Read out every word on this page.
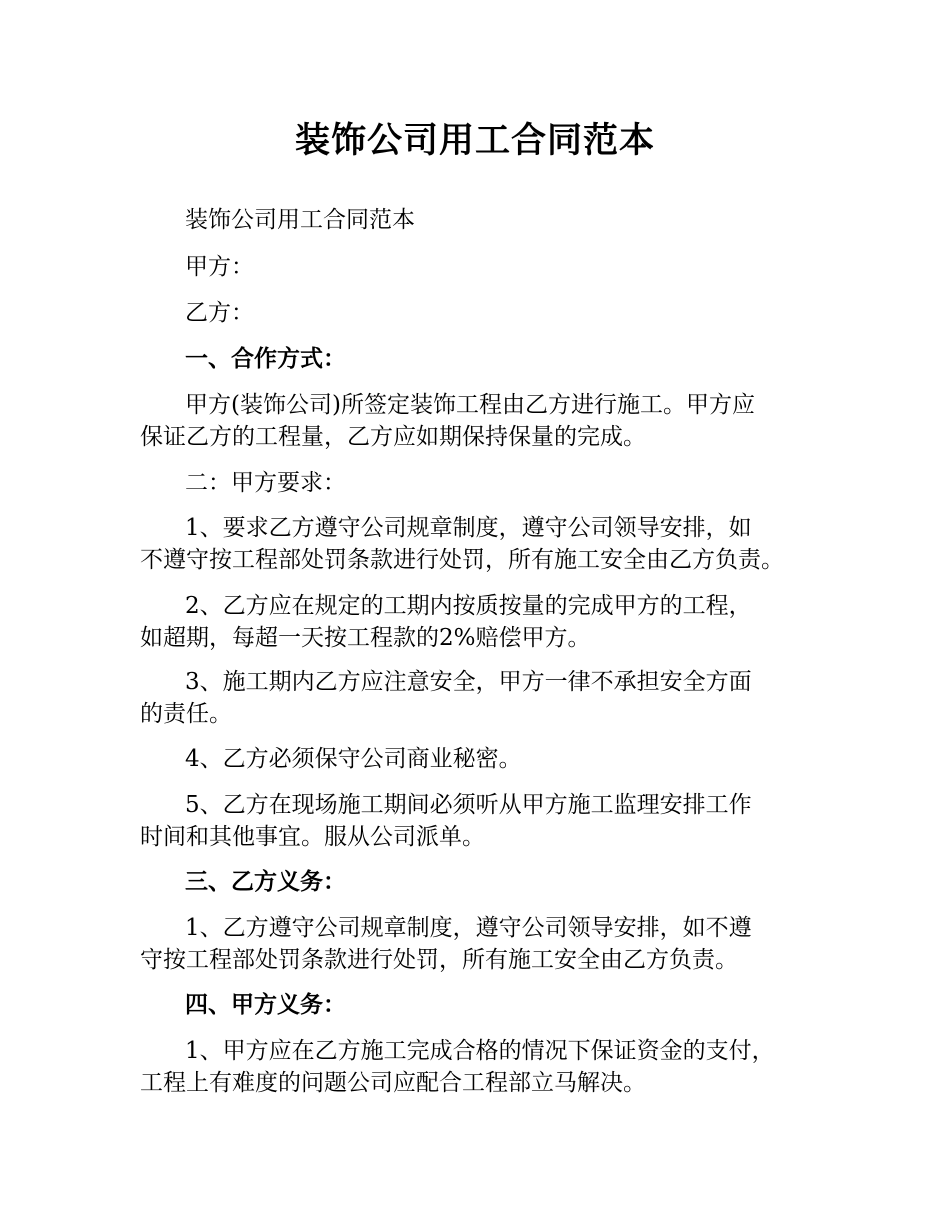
装饰公司用工合同范本

装饰公司用工合同范本

甲方：

乙方：

一、合作方式：

甲方(装饰公司)所签定装饰工程由乙方进行施工。甲方应
保证乙方的工程量，乙方应如期保持保量的完成。

二：甲方要求：

1、要求乙方遵守公司规章制度，遵守公司领导安排，如
不遵守按工程部处罚条款进行处罚，所有施工安全由乙方负责。

2、乙方应在规定的工期内按质按量的完成甲方的工程，
如超期，每超一天按工程款的2%赔偿甲方。

3、施工期内乙方应注意安全，甲方一律不承担安全方面
的责任。

4、乙方必须保守公司商业秘密。

5、乙方在现场施工期间必须听从甲方施工监理安排工作
时间和其他事宜。服从公司派单。

三、乙方义务：

1、乙方遵守公司规章制度，遵守公司领导安排，如不遵
守按工程部处罚条款进行处罚，所有施工安全由乙方负责。

四、甲方义务：

1、甲方应在乙方施工完成合格的情况下保证资金的支付，
工程上有难度的问题公司应配合工程部立马解决。
